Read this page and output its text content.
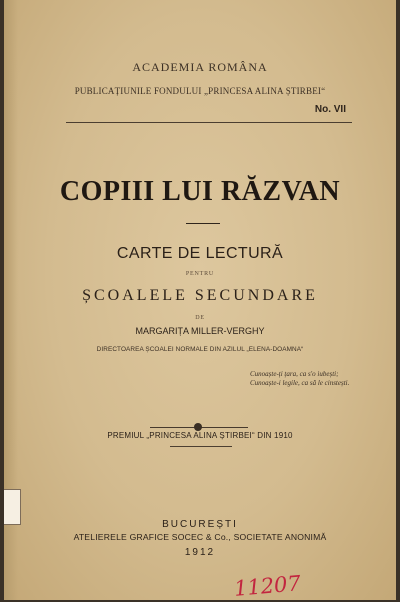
ACADEMIA ROMÂNA
PUBLICAȚIUNILE FONDULUI „PRINCESA ALINA ȘTIRBEI“
No. VII
COPIII LUI RĂZVAN
CARTE DE LECTURĂ
PENTRU
ȘCOALELE SECUNDARE
DE
MARGARIȚA MILLER-VERGHY
DIRECTOAREA ȘCOALEI NORMALE DIN AZILUL „ELENA-DOAMNA“
Cunoaște-ți țara, ca s'o iubești;
Cunoaște-i legile, ca să le cinstești.
PREMIUL „PRINCESA ALINA ȘTIRBEI“ DIN 1910
BUCUREȘTI
ATELIERELE GRAFICE SOCEC & Co., SOCIETATE ANONIMĂ
1912
11207
